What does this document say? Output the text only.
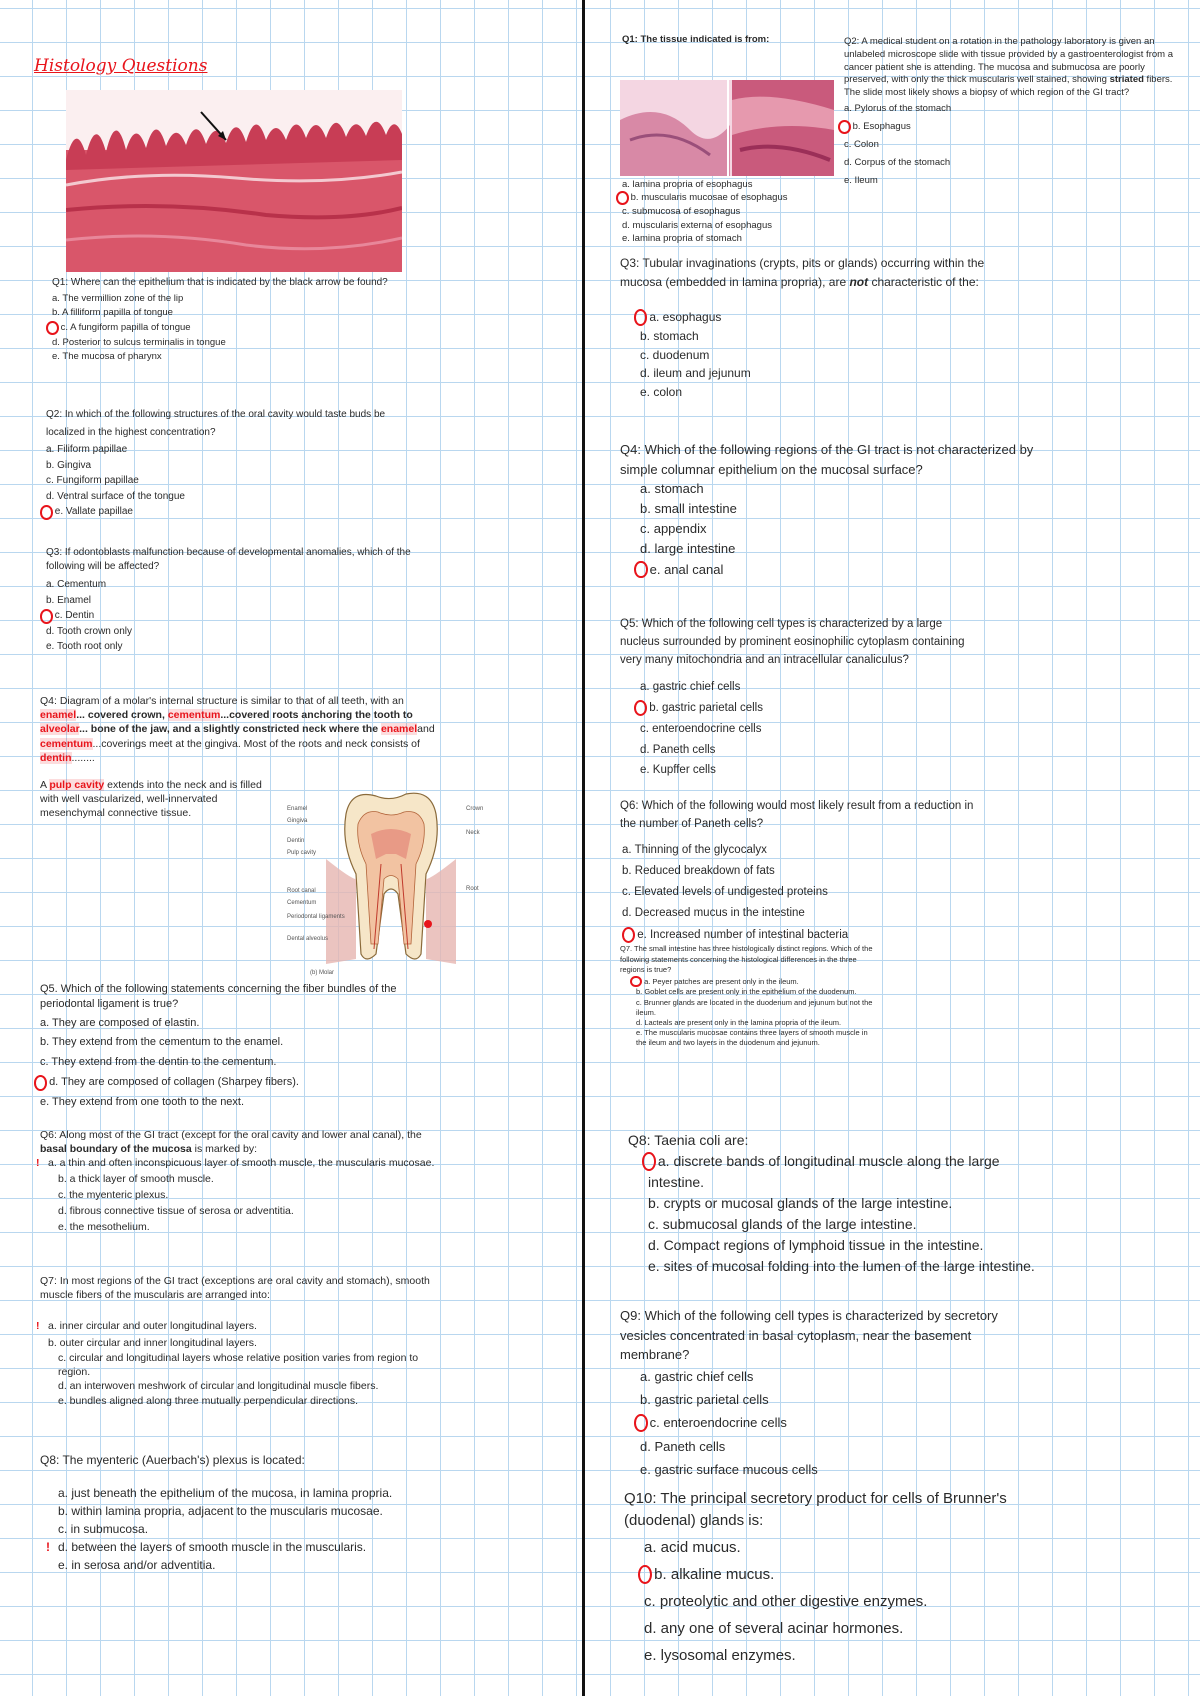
Histology Questions

Q1: Where can the epithelium that is indicated by the black arrow be found?

a. The vermillion zone of the lip

b. A filliform papilla of tongue

c. A fungiform papilla of tongue

d. Posterior to sulcus terminalis in tongue

e. The mucosa of pharynx

Q2: In which of the following structures of the oral cavity would taste buds be localized in the highest concentration?

a. Filiform papillae

b. Gingiva

c. Fungiform papillae

d. Ventral surface of the tongue

e. Vallate papillae

Q3: If odontoblasts malfunction because of developmental anomalies, which of the following will be affected?

a. Cementum

b. Enamel

c. Dentin

d. Tooth crown only

e. Tooth root only

Q4: Diagram of a molar's internal structure is similar to that of all teeth, with an enamel... covered crown, cementum...covered roots anchoring the tooth to alveolar... bone of the jaw, and a slightly constricted neck where the enameland cementum...coverings meet at the gingiva. Most of the roots and neck consists of dentin........

A pulp cavity extends into the neck and is filled with well vascularized, well-innervated mesenchymal connective tissue.	Enamel
Gingiva
Dentin
Pulp cavity
Root canal
Cementum
Periodontal ligaments
Dental alveolus
Crown
Neck
Root
(b) Molar

Q5. Which of the following statements concerning the fiber bundles of the periodontal ligament is true?

a. They are composed of elastin.

b. They extend from the cementum to the enamel.

c. They extend from the dentin to the cementum.

d. They are composed of collagen (Sharpey fibers).

e. They extend from one tooth to the next.

Q6: Along most of the GI tract (except for the oral cavity and lower anal canal), the basal boundary of the mucosa is marked by:

! a. a thin and often inconspicuous layer of smooth muscle, the muscularis mucosae.

b. a thick layer of smooth muscle.

c. the myenteric plexus.

d. fibrous connective tissue of serosa or adventitia.

e. the mesothelium.

Q7: In most regions of the GI tract (exceptions are oral cavity and stomach), smooth muscle fibers of the muscularis are arranged into:

! a. inner circular and outer longitudinal layers.

b. outer circular and inner longitudinal layers.

c. circular and longitudinal layers whose relative position varies from region to region.

d. an interwoven meshwork of circular and longitudinal muscle fibers.

e. bundles aligned along three mutually perpendicular directions.

Q8: The myenteric (Auerbach's) plexus is located:

a. just beneath the epithelium of the mucosa, in lamina propria.

b. within lamina propria, adjacent to the muscularis mucosae.

c. in submucosa.

! d. between the layers of smooth muscle in the muscularis.

e. in serosa and/or adventitia.

Q1: The tissue indicated is from:

a. lamina propria of esophagus

b. muscularis mucosae of esophagus

c. submucosa of esophagus

d. muscularis externa of esophagus

e. lamina propria of stomach

Q2: A medical student on a rotation in the pathology laboratory is given an unlabeled microscope slide with tissue provided by a gastroenterologist from a cancer patient she is attending. The mucosa and submucosa are poorly preserved, with only the thick muscularis well stained, showing striated fibers. The slide most likely shows a biopsy of which region of the GI tract?

a. Pylorus of the stomach

b. Esophagus

c. Colon

d. Corpus of the stomach

e. Ileum

Q3: Tubular invaginations (crypts, pits or glands) occurring within the mucosa (embedded in lamina propria), are not characteristic of the:

a. esophagus

b. stomach

c. duodenum

d. ileum and jejunum

e. colon

Q4: Which of the following regions of the GI tract is not characterized by simple columnar epithelium on the mucosal surface?

a. stomach

b. small intestine

c. appendix

d. large intestine

e. anal canal

Q5: Which of the following cell types is characterized by a large nucleus surrounded by prominent eosinophilic cytoplasm containing very many mitochondria and an intracellular canaliculus?

a. gastric chief cells

b. gastric parietal cells

c. enteroendocrine cells

d. Paneth cells

e. Kupffer cells

Q6: Which of the following would most likely result from a reduction in the number of Paneth cells?

a. Thinning of the glycocalyx

b. Reduced breakdown of fats

c. Elevated levels of undigested proteins

d. Decreased mucus in the intestine

e. Increased number of intestinal bacteria

Q7. The small intestine has three histologically distinct regions. Which of the following statements concerning the histological differences in the three regions is true?

a. Peyer patches are present only in the ileum.

b. Goblet cells are present only in the epithelium of the duodenum.

c. Brunner glands are located in the duodenum and jejunum but not the ileum.

d. Lacteals are present only in the lamina propria of the ileum.

e. The muscularis mucosae contains three layers of smooth muscle in the ileum and two layers in the duodenum and jejunum.

Q8: Taenia coli are:

a. discrete bands of longitudinal muscle along the large intestine.

b. crypts or mucosal glands of the large intestine.

c. submucosal glands of the large intestine.

d. Compact regions of lymphoid tissue in the intestine.

e. sites of mucosal folding into the lumen of the large intestine.

Q9: Which of the following cell types is characterized by secretory vesicles concentrated in basal cytoplasm, near the basement membrane?

a. gastric chief cells

b. gastric parietal cells

c. enteroendocrine cells

d. Paneth cells

e. gastric surface mucous cells

Q10: The principal secretory product for cells of Brunner's (duodenal) glands is:

a. acid mucus.

b. alkaline mucus.

c. proteolytic and other digestive enzymes.

d. any one of several acinar hormones.

e. lysosomal enzymes.
